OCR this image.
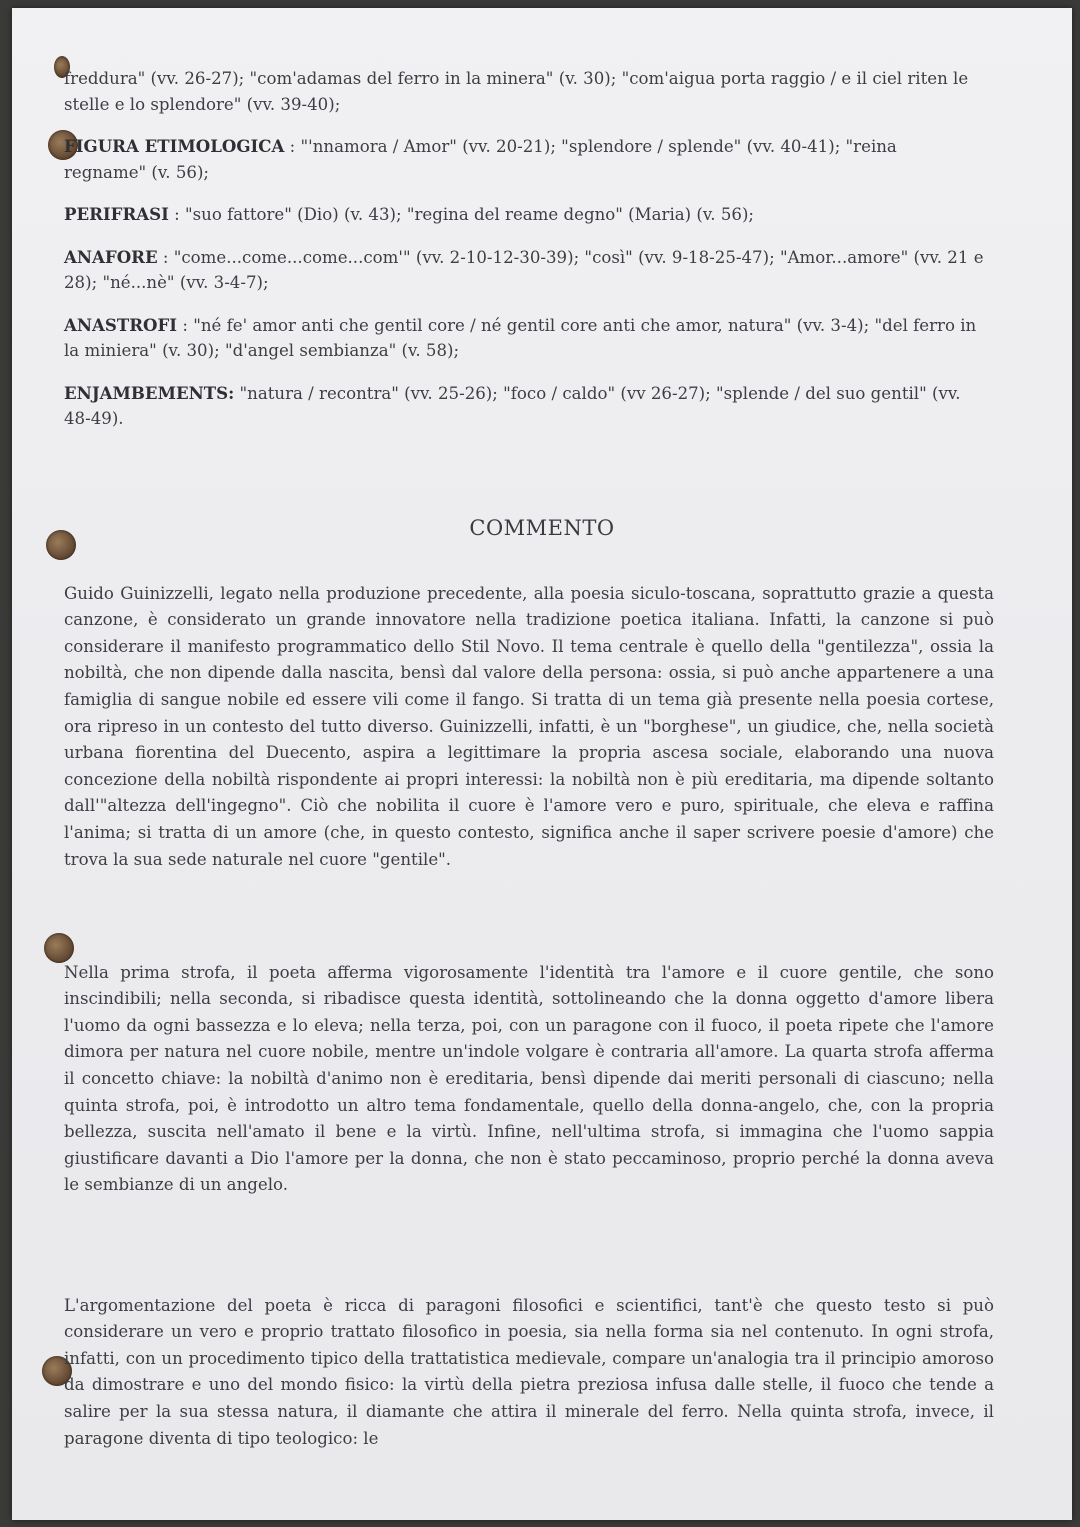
freddura" (vv. 26-27); "com'adamas del ferro in la minera" (v. 30); "com'aigua porta raggio / e il ciel riten le stelle e lo splendore" (vv. 39-40);

FIGURA ETIMOLOGICA : "'nnamora / Amor" (vv. 20-21); "splendore / splende" (vv. 40-41); "reina regname" (v. 56);

PERIFRASI : "suo fattore" (Dio) (v. 43); "regina del reame degno" (Maria) (v. 56);

ANAFORE : "come...come...come...com'" (vv. 2-10-12-30-39); "così" (vv. 9-18-25-47); "Amor...amore" (vv. 21 e 28); "né...nè" (vv. 3-4-7);

ANASTROFI : "né fe' amor anti che gentil core / né gentil core anti che amor, natura" (vv. 3-4); "del ferro in la miniera" (v. 30); "d'angel sembianza" (v. 58);

ENJAMBEMENTS: "natura / recontra" (vv. 25-26); "foco / caldo" (vv 26-27); "splende / del suo gentil" (vv. 48-49).

COMMENTO

Guido Guinizzelli, legato nella produzione precedente, alla poesia siculo-toscana, soprattutto grazie a questa canzone, è considerato un grande innovatore nella tradizione poetica italiana. Infatti, la canzone si può considerare il manifesto programmatico dello Stil Novo. Il tema centrale è quello della "gentilezza", ossia la nobiltà, che non dipende dalla nascita, bensì dal valore della persona: ossia, si può anche appartenere a una famiglia di sangue nobile ed essere vili come il fango. Si tratta di un tema già presente nella poesia cortese, ora ripreso in un contesto del tutto diverso. Guinizzelli, infatti, è un "borghese", un giudice, che, nella società urbana fiorentina del Duecento, aspira a legittimare la propria ascesa sociale, elaborando una nuova concezione della nobiltà rispondente ai propri interessi: la nobiltà non è più ereditaria, ma dipende soltanto dall'"altezza dell'ingegno". Ciò che nobilita il cuore è l'amore vero e puro, spirituale, che eleva e raffina l'anima; si tratta di un amore (che, in questo contesto, significa anche il saper scrivere poesie d'amore) che trova la sua sede naturale nel cuore "gentile".

Nella prima strofa, il poeta afferma vigorosamente l'identità tra l'amore e il cuore gentile, che sono inscindibili; nella seconda, si ribadisce questa identità, sottolineando che la donna oggetto d'amore libera l'uomo da ogni bassezza e lo eleva; nella terza, poi, con un paragone con il fuoco, il poeta ripete che l'amore dimora per natura nel cuore nobile, mentre un'indole volgare è contraria all'amore. La quarta strofa afferma il concetto chiave: la nobiltà d'animo non è ereditaria, bensì dipende dai meriti personali di ciascuno; nella quinta strofa, poi, è introdotto un altro tema fondamentale, quello della donna-angelo, che, con la propria bellezza, suscita nell'amato il bene e la virtù. Infine, nell'ultima strofa, si immagina che l'uomo sappia giustificare davanti a Dio l'amore per la donna, che non è stato peccaminoso, proprio perché la donna aveva le sembianze di un angelo.

L'argomentazione del poeta è ricca di paragoni filosofici e scientifici, tant'è che questo testo si può considerare un vero e proprio trattato filosofico in poesia, sia nella forma sia nel contenuto. In ogni strofa, infatti, con un procedimento tipico della trattatistica medievale, compare un'analogia tra il principio amoroso da dimostrare e uno del mondo fisico: la virtù della pietra preziosa infusa dalle stelle, il fuoco che tende a salire per la sua stessa natura, il diamante che attira il minerale del ferro. Nella quinta strofa, invece, il paragone diventa di tipo teologico: le
